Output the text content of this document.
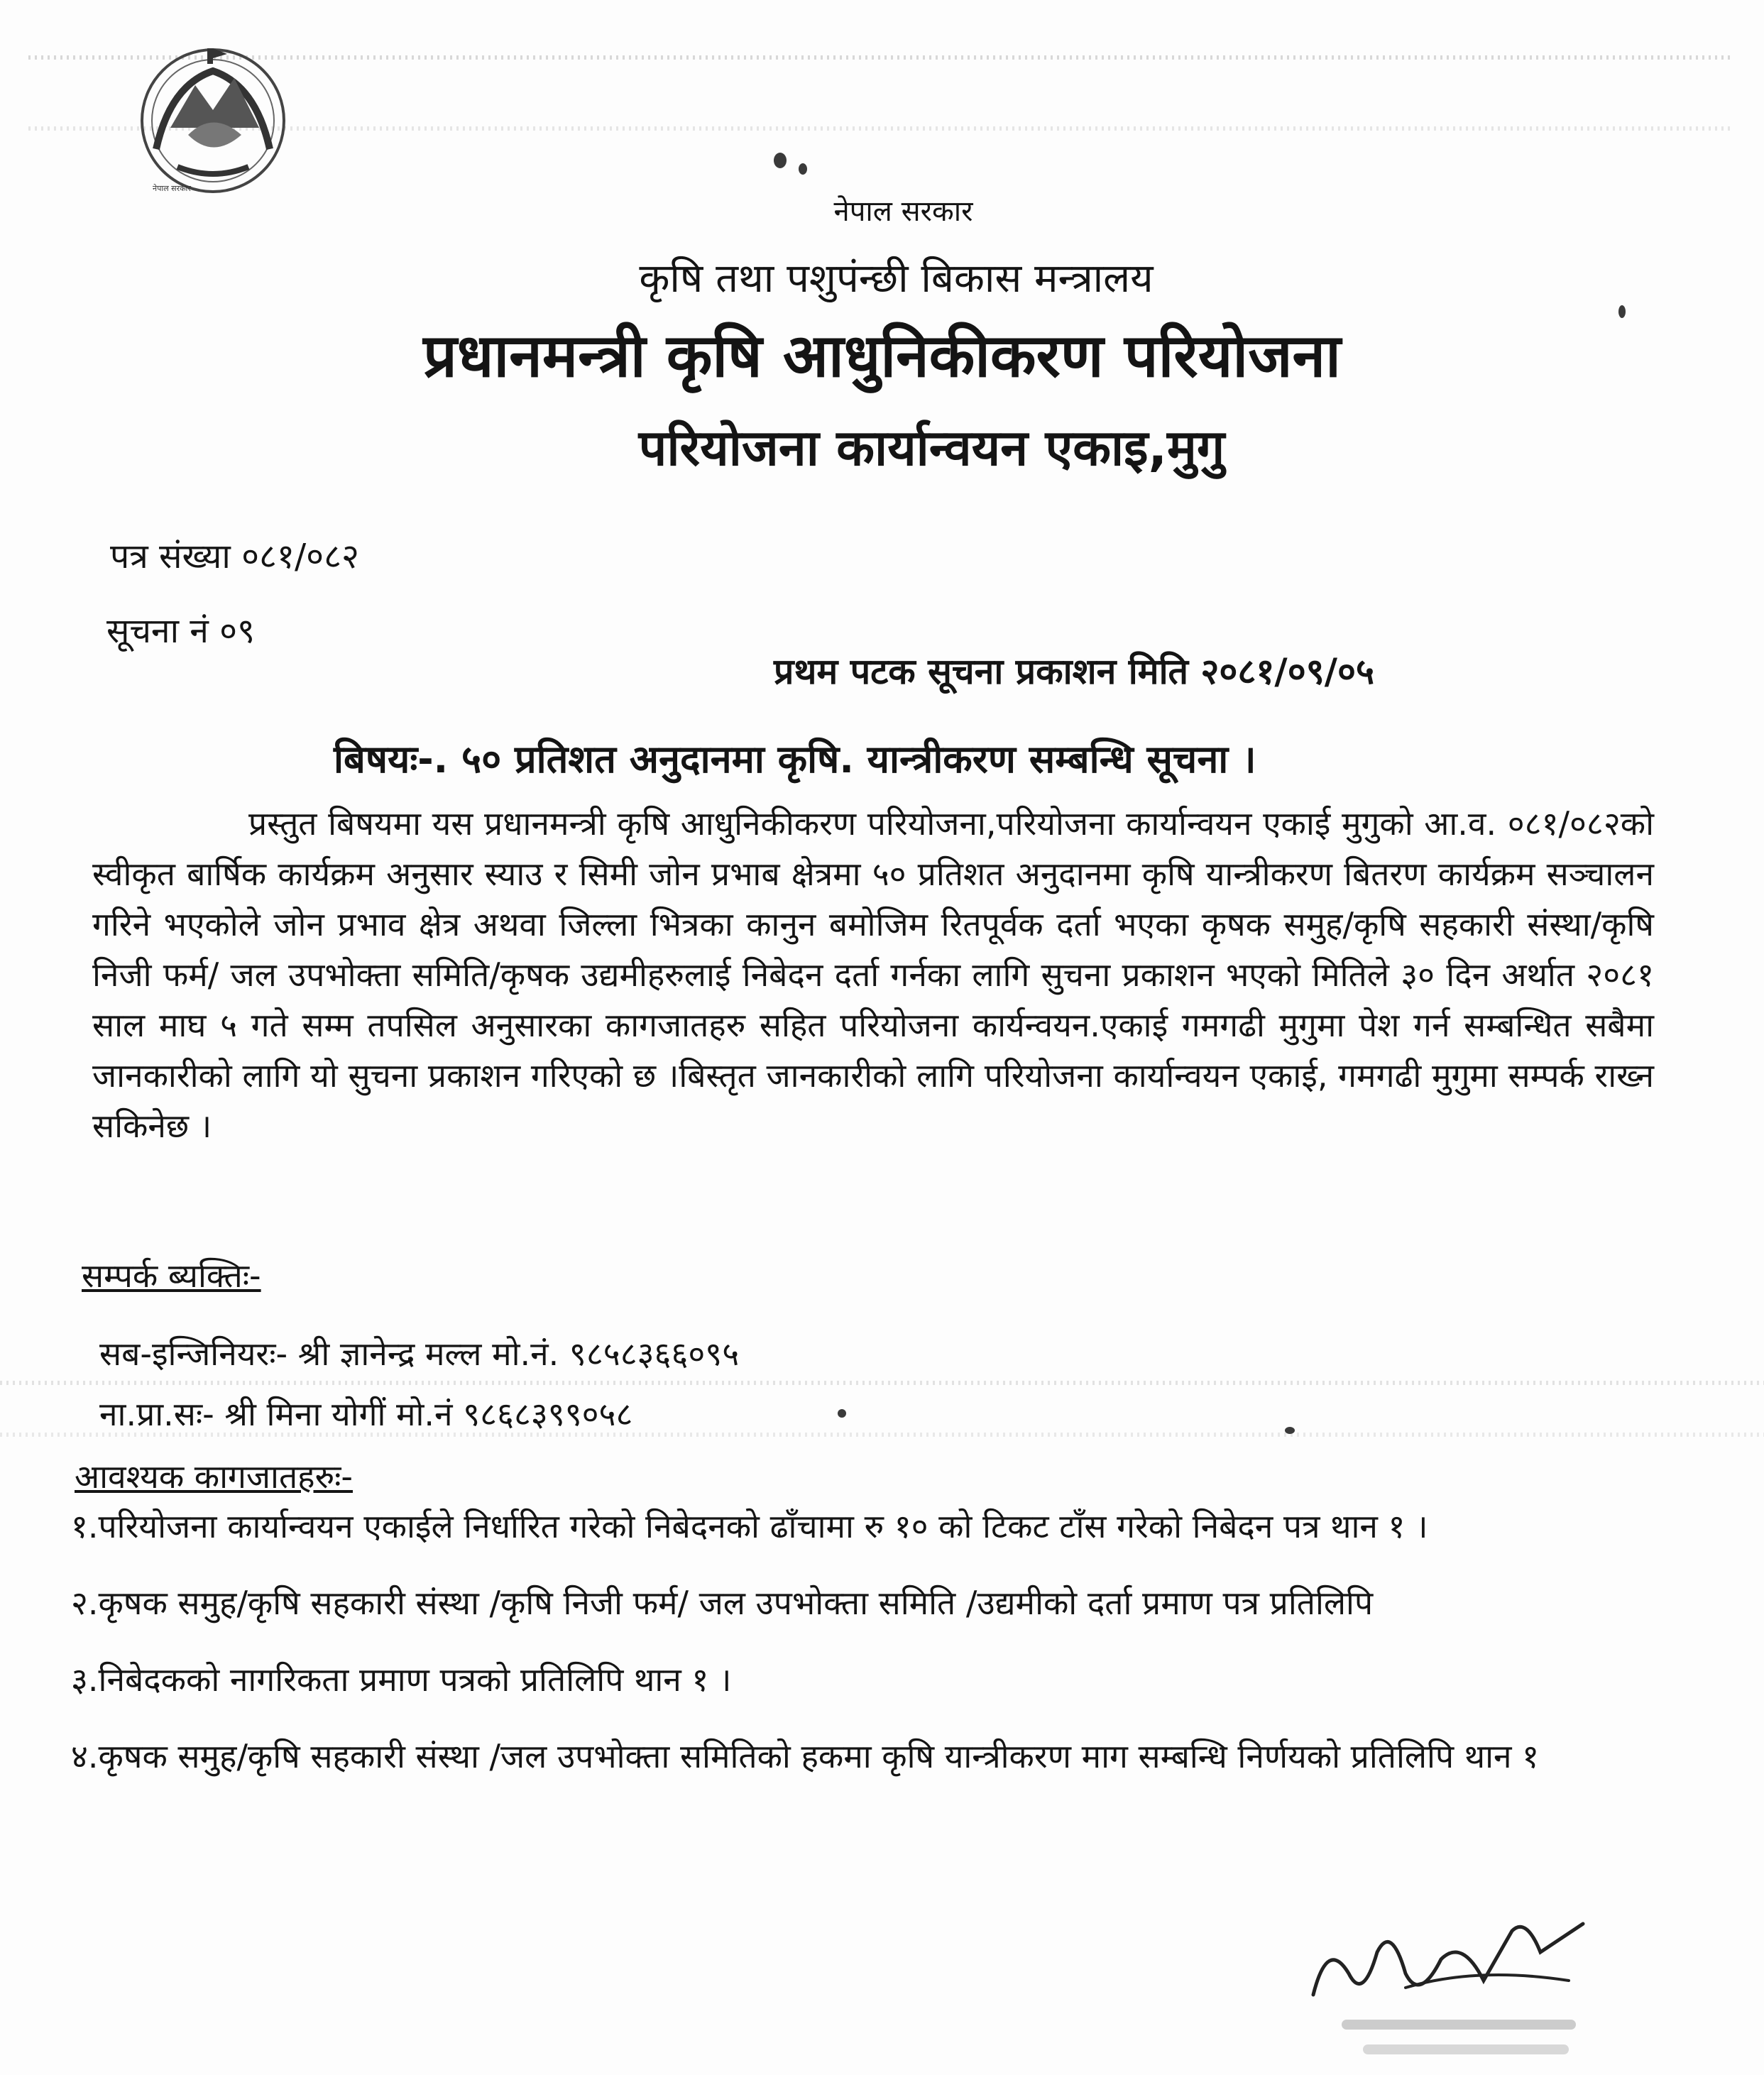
नेपाल सरकार
नेपाल सरकार
कृषि तथा पशुपंन्छी बिकास मन्त्रालय
प्रधानमन्त्री कृषि आधुनिकीकरण परियोजना
परियोजना कार्यान्वयन एकाइ,मुगु
पत्र संख्या ०८१/०८२
सूचना नं ०९
प्रथम पटक सूचना प्रकाशन मिति २०८१/०९/०५
बिषयः-. ५० प्रतिशत अनुदानमा कृषि. यान्त्रीकरण सम्बन्धि सूचना ।
प्रस्तुत बिषयमा यस प्रधानमन्त्री कृषि आधुनिकीकरण परियोजना,परियोजना कार्यान्वयन एकाई मुगुको आ.व. ०८१/०८२को स्वीकृत बार्षिक कार्यक्रम अनुसार स्याउ र सिमी जोन प्रभाब क्षेत्रमा ५० प्रतिशत अनुदानमा कृषि यान्त्रीकरण बितरण कार्यक्रम सञ्चालन गरिने भएकोले जोन प्रभाव क्षेत्र अथवा जिल्ला भित्रका कानुन बमोजिम रितपूर्वक दर्ता भएका कृषक समुह/कृषि सहकारी संस्था/कृषि निजी फर्म/ जल उपभोक्ता समिति/कृषक उद्यमीहरुलाई निबेदन दर्ता गर्नका लागि सुचना प्रकाशन भएको मितिले ३० दिन अर्थात २०८१ साल माघ ५ गते सम्म तपसिल अनुसारका कागजातहरु सहित परियोजना कार्यन्वयन.एकाई गमगढी मुगुमा पेश गर्न सम्बन्धित सबैमा जानकारीको लागि यो सुचना प्रकाशन गरिएको छ ।बिस्तृत जानकारीको लागि परियोजना कार्यान्वयन एकाई, गमगढी मुगुमा सम्पर्क राख्न सकिनेछ ।
सम्पर्क ब्यक्तिः-
सब-इन्जिनियरः- श्री ज्ञानेन्द्र मल्ल मो.नं. ९८५८३६६०९५
ना.प्रा.सः- श्री मिना योगीं मो.नं ९८६८३९९०५८
आवश्यक कागजातहरुः-
१.परियोजना कार्यान्वयन एकाईले निर्धारित गरेको निबेदनको ढाँचामा रु १० को टिकट टाँस गरेको निबेदन पत्र थान १ ।
२.कृषक समुह/कृषि सहकारी संस्था /कृषि निजी फर्म/ जल उपभोक्ता समिति /उद्यमीको दर्ता प्रमाण पत्र प्रतिलिपि
३.निबेदकको नागरिकता प्रमाण पत्रको प्रतिलिपि थान १ ।
४.कृषक समुह/कृषि सहकारी संस्था /जल उपभोक्ता समितिको हकमा कृषि यान्त्रीकरण माग सम्बन्धि निर्णयको प्रतिलिपि थान १
